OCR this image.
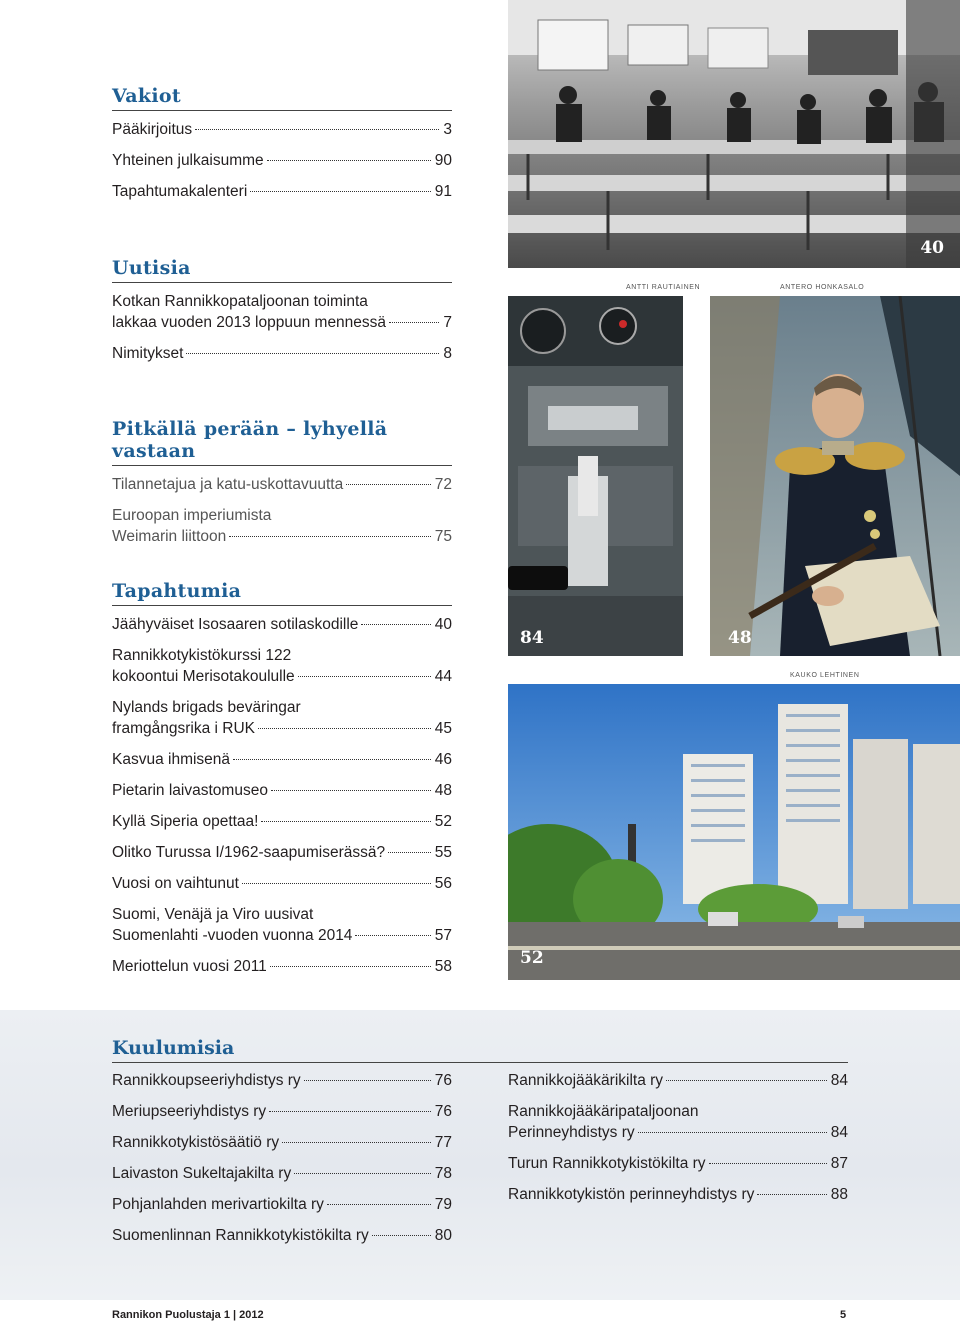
Vakiot
Pääkirjoitus	3
Yhteinen julkaisumme	90
Tapahtumakalenteri	91
Uutisia
Kotkan Rannikkopataljoonan toiminta
lakkaa vuoden 2013 loppuun mennessä	7
Nimitykset	8
Pitkällä perään – lyhyellä vastaan
Tilannetajua ja katu-uskottavuutta	72
Euroopan imperiumista
Weimarin liittoon	75
Tapahtumia
Jäähyväiset Isosaaren sotilaskodille	40
Rannikkotykistökurssi 122
kokoontui Merisotakoululle	44
Nylands brigads beväringar
framgångsrika i RUK	45
Kasvua ihmisenä	46
Pietarin laivastomuseo	48
Kyllä Siperia opettaa!	52
Olitko Turussa I/1962-saapumiserässä?	55
Vuosi on vaihtunut	56
Suomi, Venäjä ja Viro uusivat
Suomenlahti -vuoden vuonna 2014	57
Meriottelun vuosi 2011	58
40
ANTTI RAUTIAINEN	ANTERO HONKASALO
84	48
KAUKO LEHTINEN
52
Kuulumisia
Rannikkoupseeriyhdistys ry	76
Meriupseeriyhdistys ry	76
Rannikkotykistösäätiö ry	77
Laivaston Sukeltajakilta ry	78
Pohjanlahden merivartiokilta ry	79
Suomenlinnan Rannikkotykistökilta ry	80
Rannikkojääkärikilta ry	84
Rannikkojääkäripataljoonan
Perinneyhdistys ry	84
Turun Rannikkotykistökilta ry	87
Rannikkotykistön perinneyhdistys ry	88
Rannikon Puolustaja 1 | 2012	5
